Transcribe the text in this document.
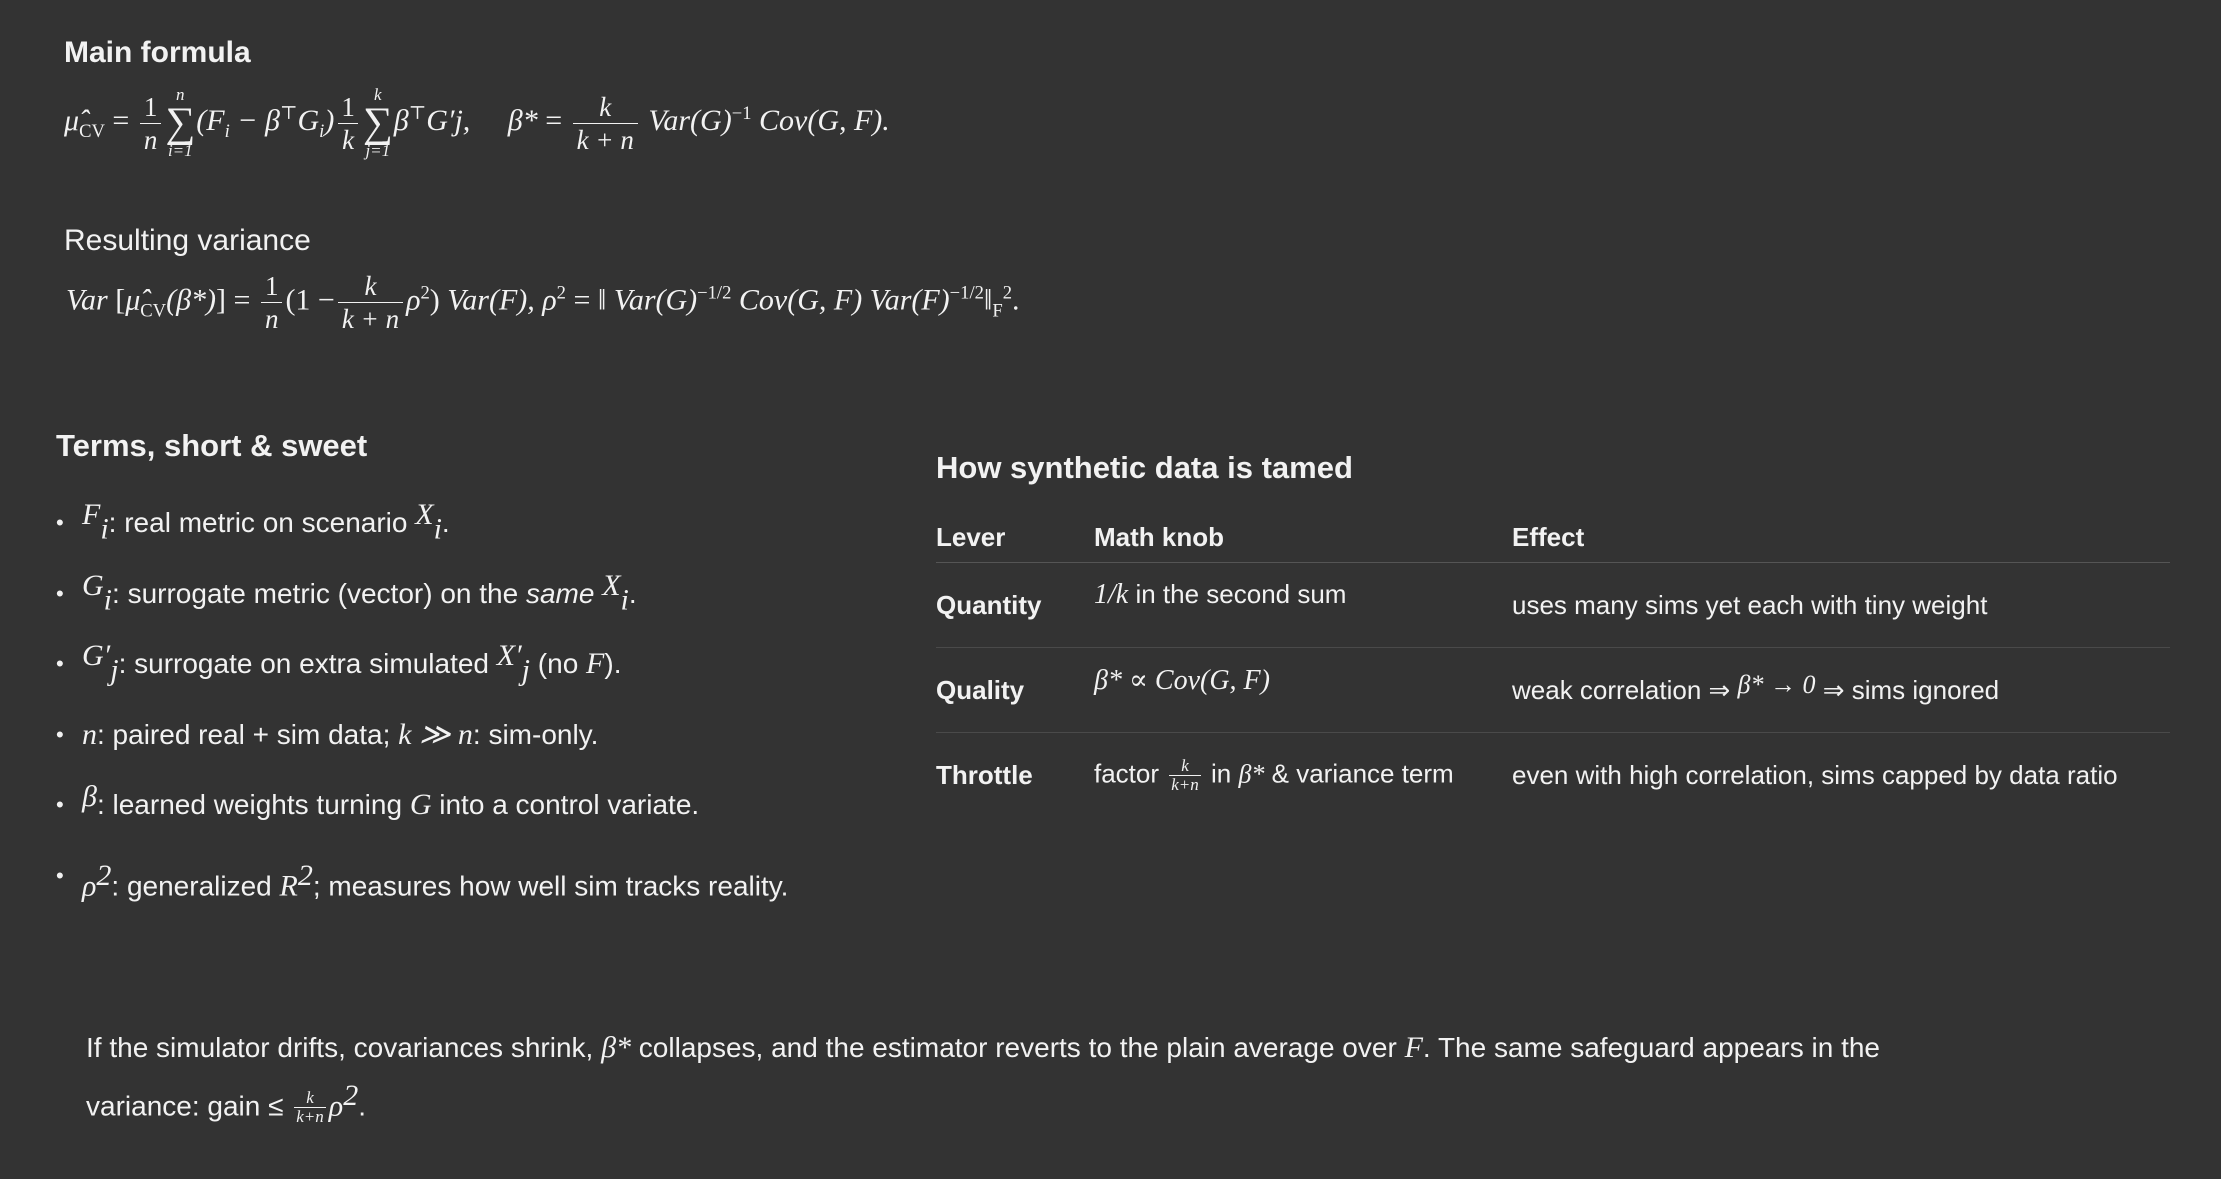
Main formula
$\mû_{CV} = \frac{1}{n}$ n
∑
i=1
$(F_i - \beta^⊤G_i) \frac{1}{k}$ k
∑
j=1
β⊤G′j, $\beta* = \frac{k}{k + n} Var(G)^{-1}$ Cov(G, F).
Resulting variance
Var $[\mû_{CV}(\beta*)] = \frac{1}{n} (1 - \frac{k}{k + n} \rho^2)$ Var(F), $\rho^2$ = ‖ $Var(G)^{-1/2}$ Cov(G, F) $Var(F)^{-1/2}‖_F^2$.
Terms, short & sweet
• $F_i$: real metric on scenario $X_i$.
• $G_i$: surrogate metric (vector) on the same $X_i$.
• $G'_j$: surrogate on extra simulated $X'_j$ (no F).
• n: paired real + sim data; k ≫ n: sim-only.
• β: learned weights turning G into a control variate.
• $\rho^2$: generalized $R^2$; measures how well sim tracks reality.
How synthetic data is tamed
Lever	Math knob	Effect
Quantity	1/k in the second sum	uses many sims yet each with tiny weight
Quality	β* ∝ Cov(G, F)	weak correlation ⇒ β* → 0 ⇒ sims ignored
Throttle	factor $\frac{k}{k+n}$ in β* & variance term	even with high correlation, sims capped by data ratio
If the simulator drifts, covariances shrink, β* collapses, and the estimator reverts to the plain average over F. The same safeguard appears in the
variance: gain ≤ $\frac{k}{k+n} \rho^2$.
